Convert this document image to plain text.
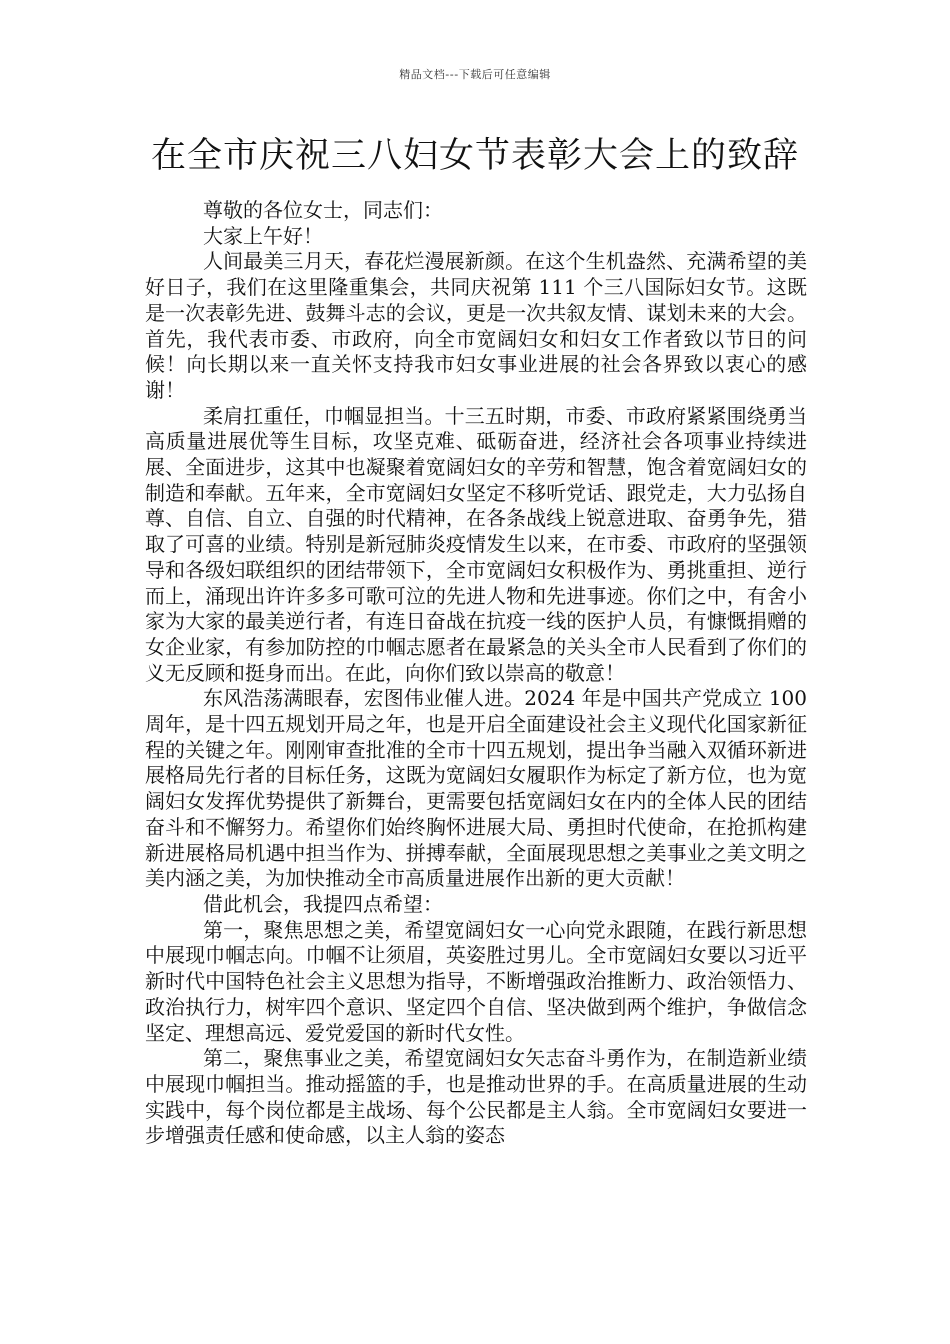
精品文档---下载后可任意编辑
在全市庆祝三八妇女节表彰大会上的致辞

尊敬的各位女士，同志们：

大家上午好！

人间最美三月天，春花烂漫展新颜。在这个生机盎然、充满希望的美好日子，我们在这里隆重集会，共同庆祝第 111 个三八国际妇女节。这既是一次表彰先进、鼓舞斗志的会议，更是一次共叙友情、谋划未来的大会。首先，我代表市委、市政府，向全市宽阔妇女和妇女工作者致以节日的问候！向长期以来一直关怀支持我市妇女事业进展的社会各界致以衷心的感谢！

柔肩扛重任，巾帼显担当。十三五时期，市委、市政府紧紧围绕勇当高质量进展优等生目标，攻坚克难、砥砺奋进，经济社会各项事业持续进展、全面进步，这其中也凝聚着宽阔妇女的辛劳和智慧，饱含着宽阔妇女的制造和奉献。五年来，全市宽阔妇女坚定不移听党话、跟党走，大力弘扬自尊、自信、自立、自强的时代精神，在各条战线上锐意进取、奋勇争先，猎取了可喜的业绩。特别是新冠肺炎疫情发生以来，在市委、市政府的坚强领导和各级妇联组织的团结带领下，全市宽阔妇女积极作为、勇挑重担、逆行而上，涌现出许许多多可歌可泣的先进人物和先进事迹。你们之中，有舍小家为大家的最美逆行者，有连日奋战在抗疫一线的医护人员，有慷慨捐赠的女企业家，有参加防控的巾帼志愿者在最紧急的关头全市人民看到了你们的义无反顾和挺身而出。在此，向你们致以崇高的敬意！

东风浩荡满眼春，宏图伟业催人进。2024 年是中国共产党成立 100 周年，是十四五规划开局之年，也是开启全面建设社会主义现代化国家新征程的关键之年。刚刚审查批准的全市十四五规划，提出争当融入双循环新进展格局先行者的目标任务，这既为宽阔妇女履职作为标定了新方位，也为宽阔妇女发挥优势提供了新舞台，更需要包括宽阔妇女在内的全体人民的团结奋斗和不懈努力。希望你们始终胸怀进展大局、勇担时代使命，在抢抓构建新进展格局机遇中担当作为、拼搏奉献，全面展现思想之美事业之美文明之美内涵之美，为加快推动全市高质量进展作出新的更大贡献！

借此机会，我提四点希望：

第一，聚焦思想之美，希望宽阔妇女一心向党永跟随，在践行新思想中展现巾帼志向。巾帼不让须眉，英姿胜过男儿。全市宽阔妇女要以习近平新时代中国特色社会主义思想为指导，不断增强政治推断力、政治领悟力、政治执行力，树牢四个意识、坚定四个自信、坚决做到两个维护，争做信念坚定、理想高远、爱党爱国的新时代女性。

第二，聚焦事业之美，希望宽阔妇女矢志奋斗勇作为，在制造新业绩中展现巾帼担当。推动摇篮的手，也是推动世界的手。在高质量进展的生动实践中，每个岗位都是主战场、每个公民都是主人翁。全市宽阔妇女要进一步增强责任感和使命感，以主人翁的姿态
